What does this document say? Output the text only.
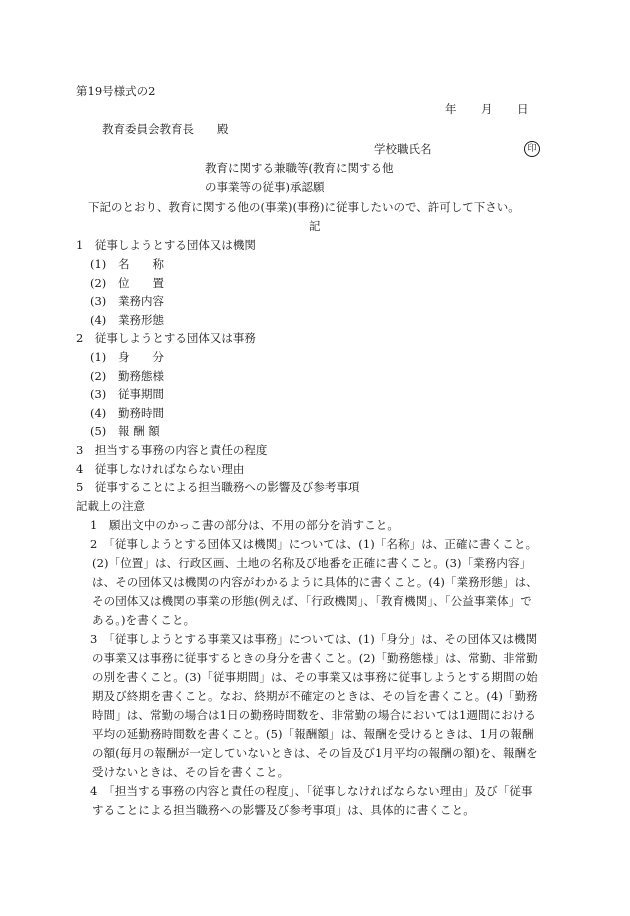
第19号様式の2
年 月 日
教育委員会教育長　　殿
学校職氏名	印
教育に関する兼職等(教育に関する他
の事業等の従事)承認願
下記のとおり、教育に関する他の(事業)(事務)に従事したいので、許可して下さい。
記
1　従事しようとする団体又は機関
(1) 名　　称
(2) 位　　置
(3) 業務内容
(4) 業務形態
2　従事しようとする団体又は事務
(1) 身　　分
(2) 勤務態様
(3) 従事期間
(4) 勤務時間
(5) 報 酬 額
3　担当する事務の内容と責任の程度
4　従事しなければならない理由
5　従事することによる担当職務への影響及び参考事項
記載上の注意
1　願出文中のかっこ書の部分は、不用の部分を消すこと。
2　「従事しようとする団体又は機関」については、(1)「名称」は、正確に書くこと。
(2)「位置」は、行政区画、土地の名称及び地番を正確に書くこと。(3)「業務内容」
は、その団体又は機関の内容がわかるように具体的に書くこと。(4)「業務形態」は、
その団体又は機関の事業の形態(例えば、「行政機関」、「教育機関」、「公益事業体」で
ある。)を書くこと。
3　「従事しようとする事業又は事務」については、(1)「身分」は、その団体又は機関
の事業又は事務に従事するときの身分を書くこと。(2)「勤務態様」は、常勤、非常勤
の別を書くこと。(3)「従事期間」は、その事業又は事務に従事しようとする期間の始
期及び終期を書くこと。なお、終期が不確定のときは、その旨を書くこと。(4)「勤務
時間」は、常勤の場合は1日の勤務時間数を、非常勤の場合においては1週間における
平均の延勤務時間数を書くこと。(5)「報酬額」は、報酬を受けるときは、1月の報酬
の額(毎月の報酬が一定していないときは、その旨及び1月平均の報酬の額)を、報酬を
受けないときは、その旨を書くこと。
4　「担当する事務の内容と責任の程度」、「従事しなければならない理由」及び「従事
することによる担当職務への影響及び参考事項」は、具体的に書くこと。
